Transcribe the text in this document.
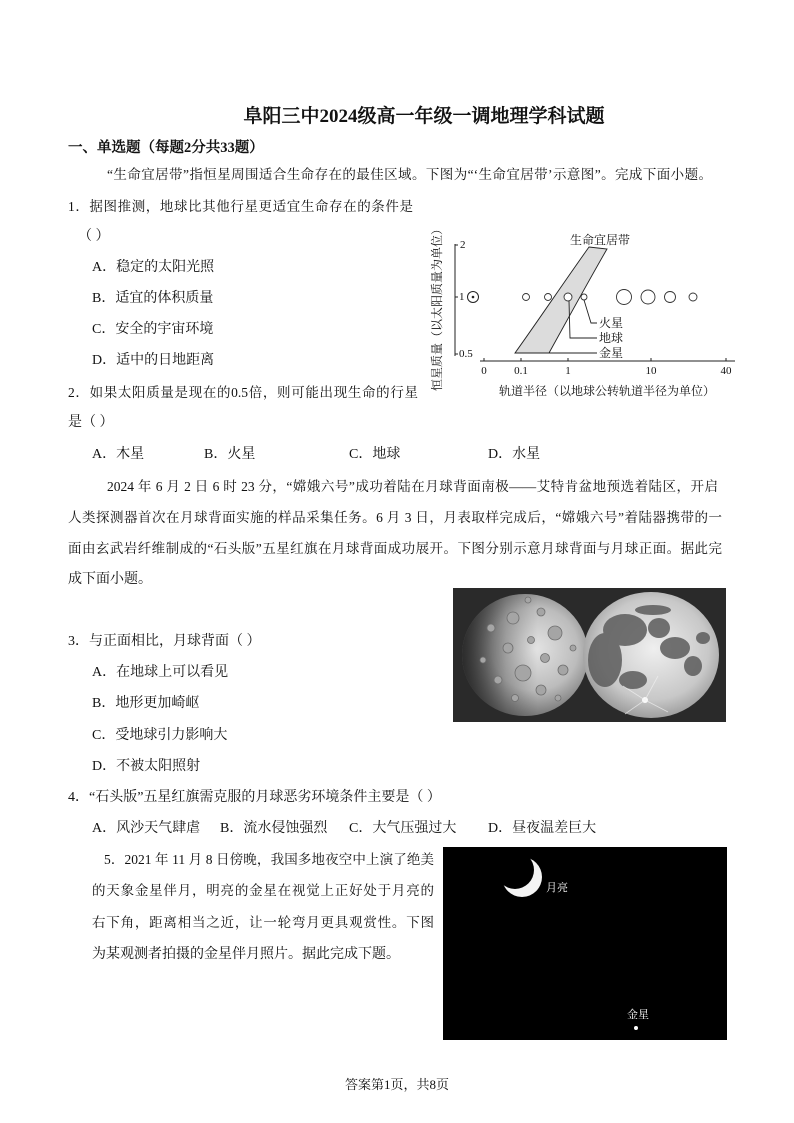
阜阳三中2024级高一年级一调地理学科试题
一、单选题（每题2分共33题）
“生命宜居带”指恒星周围适合生命存在的最佳区域。下图为“‘生命宜居带’示意图”。完成下面小题。
1．据图推测，地球比其他行星更适宜生命存在的条件是
（ ）
A．稳定的太阳光照
B．适宜的体积质量
C．安全的宇宙环境
D．适中的日地距离
2．如果太阳质量是现在的0.5倍，则可能出现生命的行星
是（ ）
A．木星	B．火星	C．地球	D．水星
恒星质量（以太阳质量为单位） 2
1
0.5
0 0.1	1	10	40
轨道半径（以地球公转轨道半径为单位）
生命宜居带
火星
地球
金星
2024 年 6 月 2 日 6 时 23 分，“嫦娥六号”成功着陆在月球背面南极——艾特肯盆地预选着陆区，开启
人类探测器首次在月球背面实施的样品采集任务。6 月 3 日，月表取样完成后，“嫦娥六号”着陆器携带的一
面由玄武岩纤维制成的“石头版”五星红旗在月球背面成功展开。下图分别示意月球背面与月球正面。据此完
成下面小题。
3．与正面相比，月球背面（ ）
A．在地球上可以看见
B．地形更加崎岖
C．受地球引力影响大
D．不被太阳照射
4．“石头版”五星红旗需克服的月球恶劣环境条件主要是（ ）
A．风沙天气肆虐 B．流水侵蚀强烈 C．大气压强过大 D．昼夜温差巨大
5．2021 年 11 月 8 日傍晚，我国多地夜空中上演了绝美
的天象金星伴月，明亮的金星在视觉上正好处于月亮的
右下角，距离相当之近，让一轮弯月更具观赏性。下图
为某观测者拍摄的金星伴月照片。据此完成下题。
月亮
金星
答案第1页，共8页
